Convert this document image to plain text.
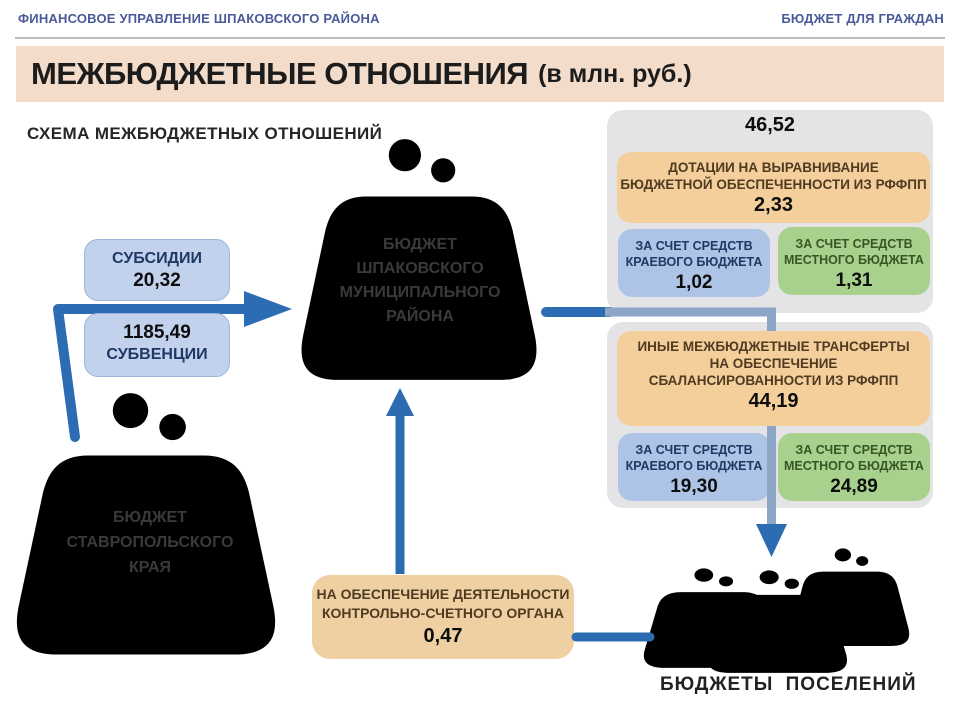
ФИНАНСОВОЕ УПРАВЛЕНИЕ ШПАКОВСКОГО РАЙОНА	БЮДЖЕТ ДЛЯ ГРАЖДАН
МЕЖБЮДЖЕТНЫЕ ОТНОШЕНИЯ (в млн. руб.)
СХЕМА МЕЖБЮДЖЕТНЫХ ОТНОШЕНИЙ
БЮДЖЕТ
СТАВРОПОЛЬСКОГО
КРАЯ
БЮДЖЕТ
ШПАКОВСКОГО
МУНИЦИПАЛЬНОГО
РАЙОНА
СУБСИДИИ
20,32
1185,49
СУБВЕНЦИИ
46,52
ДОТАЦИИ НА ВЫРАВНИВАНИЕ
БЮДЖЕТНОЙ ОБЕСПЕЧЕННОСТИ ИЗ РФФПП
2,33
ЗА СЧЕТ СРЕДСТВ
КРАЕВОГО БЮДЖЕТА
1,02
ЗА СЧЕТ СРЕДСТВ
МЕСТНОГО БЮДЖЕТА
1,31
ИНЫЕ МЕЖБЮДЖЕТНЫЕ ТРАНСФЕРТЫ
НА ОБЕСПЕЧЕНИЕ
СБАЛАНСИРОВАННОСТИ ИЗ РФФПП
44,19
ЗА СЧЕТ СРЕДСТВ
КРАЕВОГО БЮДЖЕТА
19,30
ЗА СЧЕТ СРЕДСТВ
МЕСТНОГО БЮДЖЕТА
24,89
НА ОБЕСПЕЧЕНИЕ ДЕЯТЕЛЬНОСТИ
КОНТРОЛЬНО-СЧЕТНОГО ОРГАНА
0,47
БЮДЖЕТЫ ПОСЕЛЕНИЙ
